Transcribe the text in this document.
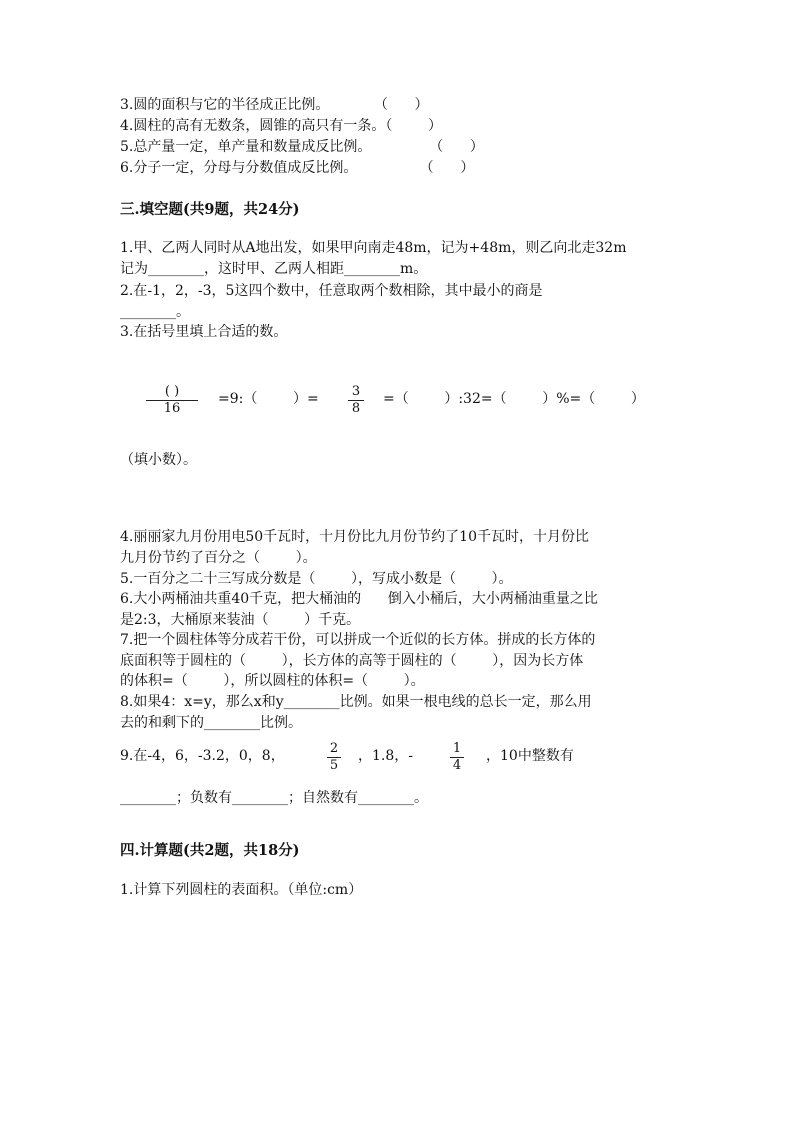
3.圆的面积与它的半径成正比例。          （      ）
4.圆柱的高有无数条，圆锥的高只有一条。（        ）
5.总产量一定，单产量和数量成反比例。             （      ）
6.分子一定，分母与分数值成反比例。              （      ）
三.填空题(共9题，共24分)
1.甲、乙两人同时从A地出发，如果甲向南走48m，记为+48m，则乙向北走32m
记为________，这时甲、乙两人相距________m。
2.在-1，2，-3，5这四个数中，任意取两个数相除，其中最小的商是
________。
3.在括号里填上合适的数。
( )
16
=9:（        ）= $\frac{3}{8}$ =（        ）:32=（        ）%=（        ）
（填小数）。
4.丽丽家九月份用电50千瓦时，十月份比九月份节约了10千瓦时，十月份比
九月份节约了百分之（        ）。
5.一百分之二十三写成分数是（        ），写成小数是（        ）。
6.大小两桶油共重40千克，把大桶油的      倒入小桶后，大小两桶油重量之比
是2:3，大桶原来装油（        ）千克。
7.把一个圆柱体等分成若干份，可以拼成一个近似的长方体。拼成的长方体的
底面积等于圆柱的（        ），长方体的高等于圆柱的（        ），因为长方体
的体积=（        ），所以圆柱的体积=（        ）。
8.如果4：x=y，那么x和y________比例。如果一根电线的总长一定，那么用
去的和剩下的________比例。
9.在-4，6，-3.2，0，8，	$\frac{2}{5}$ ，1.8，-	$\frac{1}{4}$ ，10中整数有
________；负数有________；自然数有________。
四.计算题(共2题，共18分)
1.计算下列圆柱的表面积。（单位:cm）
